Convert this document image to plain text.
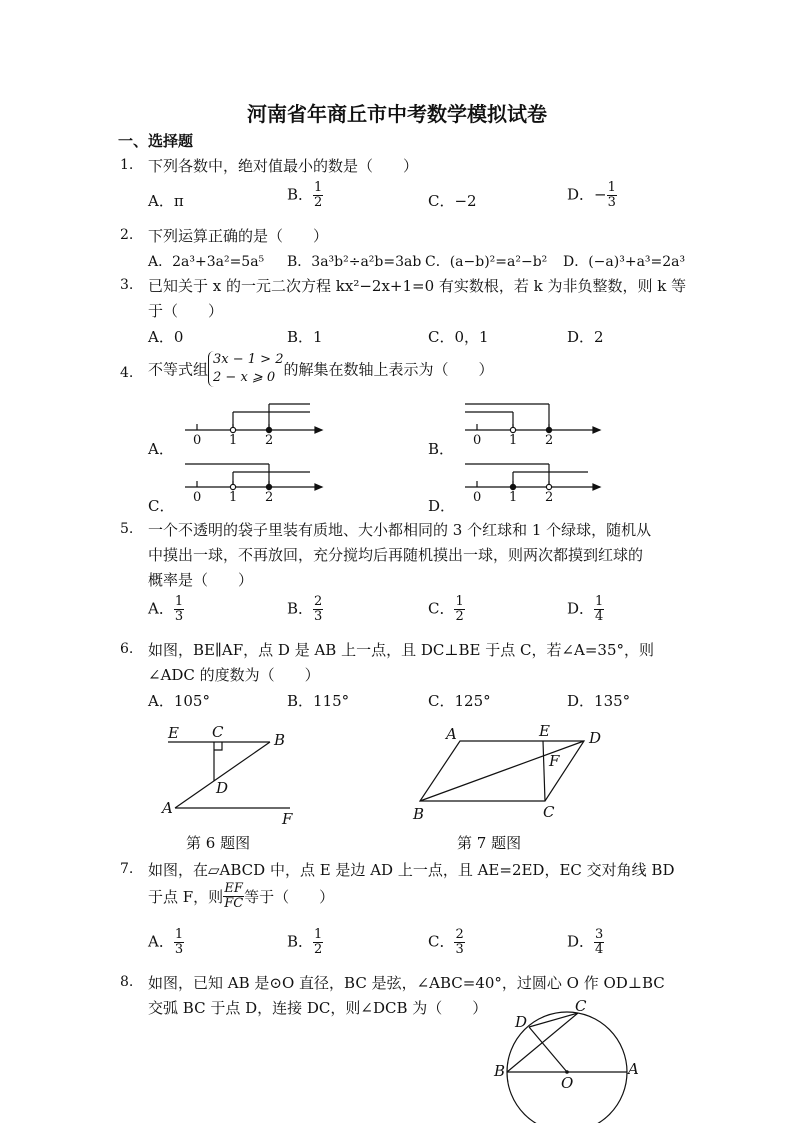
河南省年商丘市中考数学模拟试卷
一、选择题
1. 下列各数中，绝对值最小的数是（　　）
A．π	B． $\frac{1}{2}$	C．−2	D．− $\frac{1}{3}$
2. 下列运算正确的是（　　）
A．2a³+3a²=5a⁵ B．3a³b²÷a²b=3ab C．(a−b)²=a²−b² D．(−a)³+a³=2a³
3. 已知关于 x 的一元二次方程 kx²−2x+1=0 有实数根，若 k 为非负整数，则 k 等
于（　　）
A．0	B．1	C．0，1	D．2
4. 不等式组
3x − 1 > 2
2 − x ⩾ 0 的解集在数轴上表示为（　　）
A．	B．
C．	D．
0 1 2	0 1 2
0 1 2	0 1 2
5. 一个不透明的袋子里装有质地、大小都相同的 3 个红球和 1 个绿球，随机从
中摸出一球，不再放回，充分搅均后再随机摸出一球，则两次都摸到红球的
概率是（　　）
A． $\frac{1}{3}$	B． $\frac{2}{3}$	C． $\frac{1}{2}$	D． $\frac{1}{4}$
6. 如图，BE∥AF，点 D 是 AB 上一点，且 DC⊥BE 于点 C，若∠A=35°，则
∠ADC 的度数为（　　）
A．105°	B．115°	C．125°	D．135°
E C	B
D
A
F
第 6 题图
A	E	D
F
B	C
第 7 题图
7. 如图，在▱ABCD 中，点 E 是边 AD 上一点，且 AE=2ED，EC 交对角线 BD
于点 F，则 $\frac{EF}{FC}$ 等于（　　）
A． $\frac{1}{3}$	B． $\frac{1}{2}$	C． $\frac{2}{3}$	D． $\frac{3}{4}$
8. 如图，已知 AB 是⊙O 直径，BC 是弦，∠ABC=40°，过圆心 O 作 OD⊥BC
交弧 BC 于点 D，连接 DC，则∠DCB 为（　　）	C
D
B
O
A
